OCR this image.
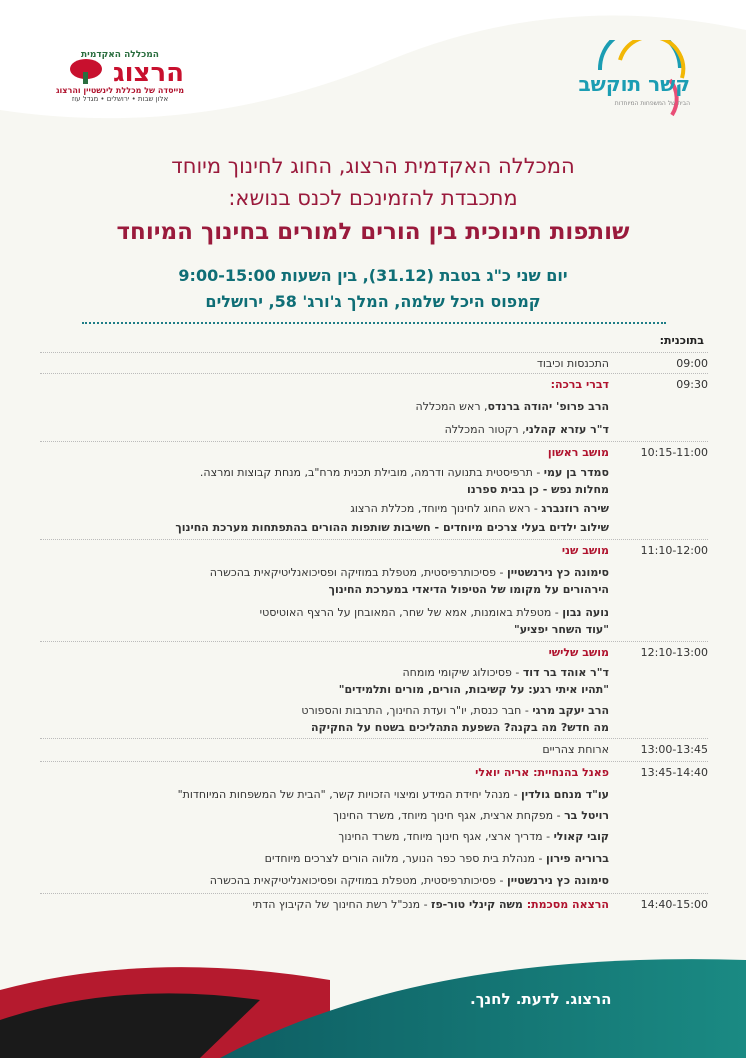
המכללה האקדמית
הרצוג
מייסדה של מכללת לינשטיין והרצוג
אלון שבות • ירושלים • מגדל עוז
קשר תוקשב
הבית של המשפחות המיוחדות
המכללה האקדמית הרצוג, החוג לחינוך מיוחד
מתכבדת להזמינכם לכנס בנושא:
שותפות חינוכית בין הורים למורים בחינוך המיוחד
יום שני כ"ג בטבת (31.12), בין השעות 9:00-15:00
קמפוס היכל שלמה, המלך ג'ורג' 58, ירושלים
בתוכנית:
09:00
התכנסות וכיבוד
09:30
דברי ברכה:
הרב פרופ' יהודה ברנדס, ראש המכללה
ד"ר עזרא קהלני, רקטור המכללה
10:15-11:00
מושב ראשון
סמדר בן עמי - תרפיסטית בתנועה ודרמה, מובילת תכנית מרח"ב, מנחת קבוצות ומרצה.
מחלות נפש - כן בבית ספרנו
שירה רוזנברג - ראש החוג לחינוך מיוחד, מכללת הרצוג
שילוב ילדים בעלי צרכים מיוחדים - חשיבות שותפות ההורים בהתפתחות מערכת החינוך
11:10-12:00
מושב שני
סימונה כץ נירנשטיין - פסיכותרפיסטית, מטפלת במוזיקה ופסיכואנליטיקאית בהכשרה
הירהורים על מקומו של הטיפול הדיאדי במערכת החינוך
נועה נבון - מטפלת באומנות, אמא של שחר, המאובחן על הרצף האוטיסטי
"עוד השחר יפציע"
12:10-13:00
מושב שלישי
ד"ר אוהד בר דוד - פסיכולוג שיקומי מומחה
"תהיו איתי רגע: על קשיבות, הורים, מורים ותלמידים"
הרב יעקב מרגי - חבר כנסת, יו"ר ועדת החינוך, התרבות והספורט
מה חדש? מה בקנה? השפעת התהליכים בשטח על החקיקה
13:00-13:45
ארוחת צהריים
13:45-14:40
פאנל בהנחיית: אריה יואלי
עו"ד מנחם גולדין - מנהל יחידת המידע ומיצוי הזכויות קשר, "הבית של המשפחות המיוחדות"
רויטל בר - מפקחת ארצית, אגף חינוך מיוחד, משרד החינוך
קובי קאולי - מדריך ארצי, אגף חינוך מיוחד, משרד החינוך
ברוריה פירון - מנהלת בית ספר כפר הנוער, מלווה הורים לצרכים מיוחדים
סימונה כץ נירנשטיין - פסיכותרפיסטית, מטפלת במוזיקה ופסיכואנליטיקאית בהכשרה
14:40-15:00
הרצאה מסכמת: משה קינלי טור-פז - מנכ"ל רשת החינוך של הקיבוץ הדתי
הרצוג. לדעת. לחנך.
